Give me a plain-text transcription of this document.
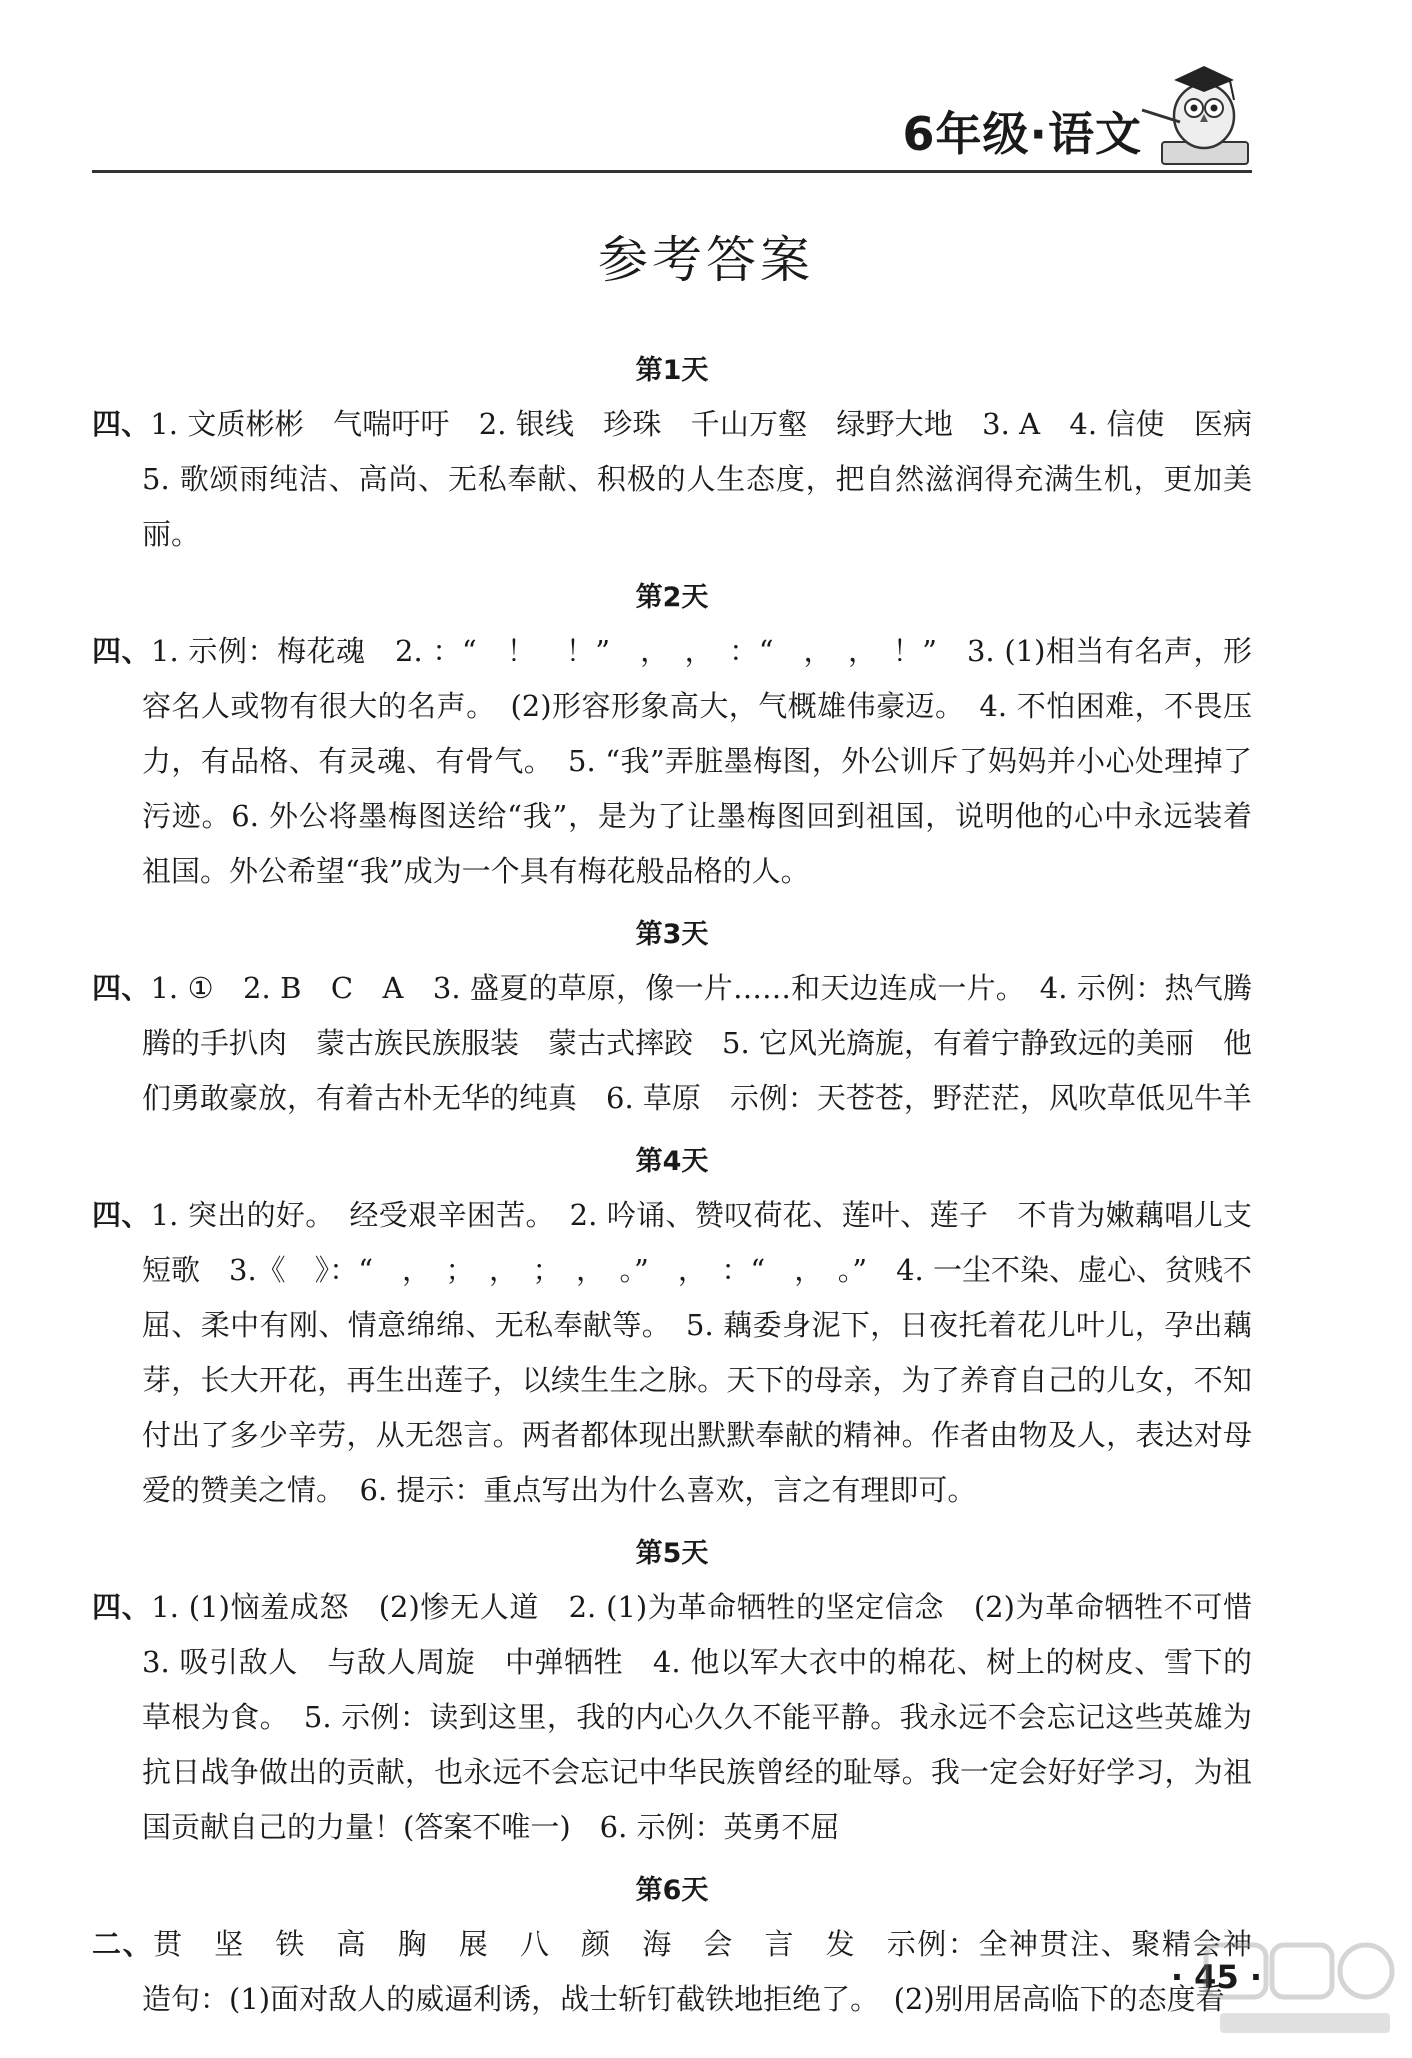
6年级·语文
参考答案
第1天

四、1. 文质彬彬　气喘吁吁　2. 银线　珍珠　千山万壑　绿野大地　3. A　4. 信使　医病　5. 歌颂雨纯洁、高尚、无私奉献、积极的人生态度，把自然滋润得充满生机，更加美丽。

第2天

四、1. 示例：梅花魂　2. ：“　！　！”　，　，　：“　，　，　！”　3. (1)相当有名声，形容名人或物有很大的名声。　(2)形容形象高大，气概雄伟豪迈。　4. 不怕困难，不畏压力，有品格、有灵魂、有骨气。　5. “我”弄脏墨梅图，外公训斥了妈妈并小心处理掉了污迹。6. 外公将墨梅图送给“我”，是为了让墨梅图回到祖国，说明他的心中永远装着祖国。外公希望“我”成为一个具有梅花般品格的人。

第3天

四、1. ①　2. B　C　A　3. 盛夏的草原，像一片……和天边连成一片。　4. 示例：热气腾腾的手扒肉　蒙古族民族服装　蒙古式摔跤　5. 它风光旖旎，有着宁静致远的美丽　他们勇敢豪放，有着古朴无华的纯真　6. 草原　示例：天苍苍，野茫茫，风吹草低见牛羊

第4天

四、1. 突出的好。　经受艰辛困苦。　2. 吟诵、赞叹荷花、莲叶、莲子　不肯为嫩藕唱儿支短歌　3.《　》：“　，　；　，　；　，　。”　，　：“　，　。”　4. 一尘不染、虚心、贫贱不屈、柔中有刚、情意绵绵、无私奉献等。　5. 藕委身泥下，日夜托着花儿叶儿，孕出藕芽，长大开花，再生出莲子，以续生生之脉。天下的母亲，为了养育自己的儿女，不知付出了多少辛劳，从无怨言。两者都体现出默默奉献的精神。作者由物及人，表达对母爱的赞美之情。　6. 提示：重点写出为什么喜欢，言之有理即可。

第5天

四、1. (1)恼羞成怒　(2)惨无人道　2. (1)为革命牺牲的坚定信念　(2)为革命牺牲不可惜　3. 吸引敌人　与敌人周旋　中弹牺牲　4. 他以军大衣中的棉花、树上的树皮、雪下的草根为食。　5. 示例：读到这里，我的内心久久不能平静。我永远不会忘记这些英雄为抗日战争做出的贡献，也永远不会忘记中华民族曾经的耻辱。我一定会好好学习，为祖国贡献自己的力量！(答案不唯一)　6. 示例：英勇不屈

第6天

二、贯　坚　铁　高　胸　展　八　颜　海　会　言　发　示例：全神贯注、聚精会神　造句：(1)面对敌人的威逼利诱，战士斩钉截铁地拒绝了。　(2)别用居高临下的态度看

· 45 ·
